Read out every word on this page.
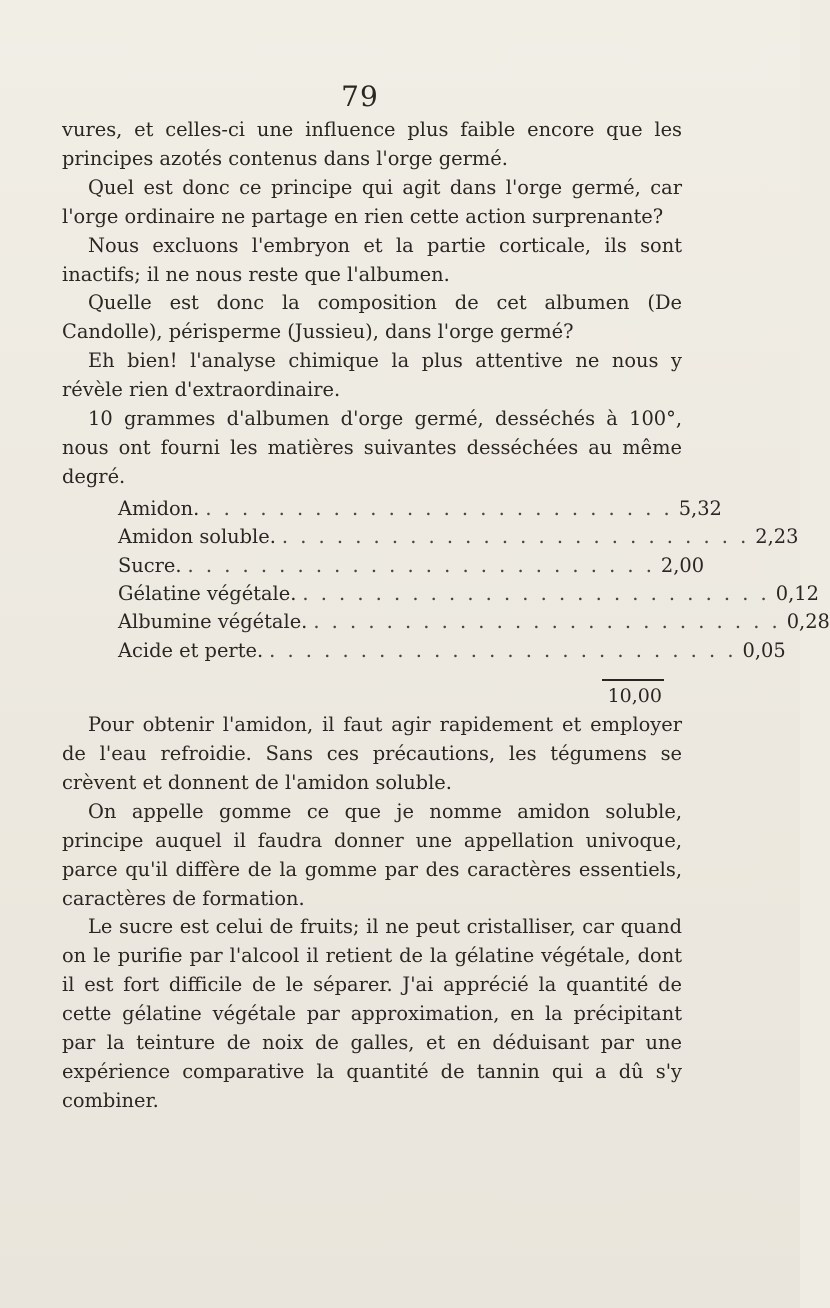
79

vures, et celles-ci une influence plus faible encore que les principes azotés contenus dans l'orge germé.

Quel est donc ce principe qui agit dans l'orge germé, car l'orge ordinaire ne partage en rien cette action surprenante?

Nous excluons l'embryon et la partie corticale, ils sont inactifs; il ne nous reste que l'albumen.

Quelle est donc la composition de cet albumen (De Candolle), périsperme (Jussieu), dans l'orge germé?

Eh bien! l'analyse chimique la plus attentive ne nous y révèle rien d'extraordinaire.

10 grammes d'albumen d'orge germé, desséchés à 100°, nous ont fourni les matières suivantes desséchées au même degré.

Amidon. . . . . . . . . . . . . . . . . . . . . . . . . . . 5,32
Amidon soluble. . . . . . . . . . . . . . . . . . . . . . . . . . . 2,23
Sucre. . . . . . . . . . . . . . . . . . . . . . . . . . . 2,00
Gélatine végétale. . . . . . . . . . . . . . . . . . . . . . . . . . . 0,12
Albumine végétale. . . . . . . . . . . . . . . . . . . . . . . . . . . 0,28
Acide et perte. . . . . . . . . . . . . . . . . . . . . . . . . . . 0,05
10,00

Pour obtenir l'amidon, il faut agir rapidement et employer de l'eau refroidie. Sans ces précautions, les tégumens se crèvent et donnent de l'amidon soluble.

On appelle gomme ce que je nomme amidon soluble, principe auquel il faudra donner une appellation univoque, parce qu'il diffère de la gomme par des caractères essentiels, caractères de formation.

Le sucre est celui de fruits; il ne peut cristalliser, car quand on le purifie par l'alcool il retient de la gélatine végétale, dont il est fort difficile de le séparer. J'ai apprécié la quantité de cette gélatine végétale par approximation, en la précipitant par la teinture de noix de galles, et en déduisant par une expérience comparative la quantité de tannin qui a dû s'y combiner.
